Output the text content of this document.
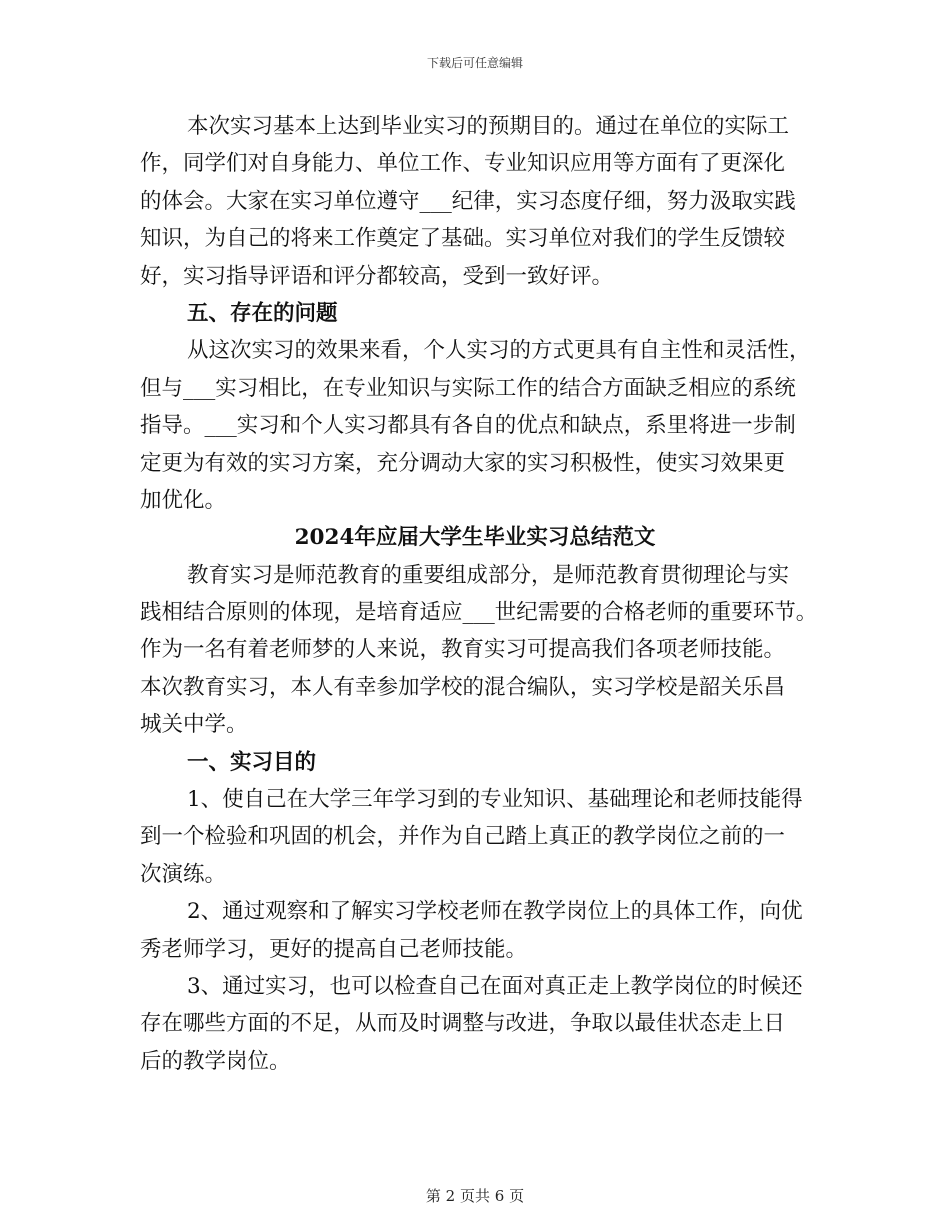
下载后可任意编辑
本次实习基本上达到毕业实习的预期目的。通过在单位的实际工
作，同学们对自身能力、单位工作、专业知识应用等方面有了更深化
的体会。大家在实习单位遵守___纪律，实习态度仔细，努力汲取实践
知识，为自己的将来工作奠定了基础。实习单位对我们的学生反馈较
好，实习指导评语和评分都较高，受到一致好评。
五、存在的问题
从这次实习的效果来看，个人实习的方式更具有自主性和灵活性，
但与___实习相比，在专业知识与实际工作的结合方面缺乏相应的系统
指导。___实习和个人实习都具有各自的优点和缺点，系里将进一步制
定更为有效的实习方案，充分调动大家的实习积极性，使实习效果更
加优化。
2024年应届大学生毕业实习总结范文
教育实习是师范教育的重要组成部分，是师范教育贯彻理论与实
践相结合原则的体现，是培育适应___世纪需要的合格老师的重要环节。
作为一名有着老师梦的人来说，教育实习可提高我们各项老师技能。
本次教育实习，本人有幸参加学校的混合编队，实习学校是韶关乐昌
城关中学。
一、实习目的
1、使自己在大学三年学习到的专业知识、基础理论和老师技能得
到一个检验和巩固的机会，并作为自己踏上真正的教学岗位之前的一
次演练。
2、通过观察和了解实习学校老师在教学岗位上的具体工作，向优
秀老师学习，更好的提高自己老师技能。
3、通过实习，也可以检查自己在面对真正走上教学岗位的时候还
存在哪些方面的不足，从而及时调整与改进，争取以最佳状态走上日
后的教学岗位。
第 2 页共 6 页
